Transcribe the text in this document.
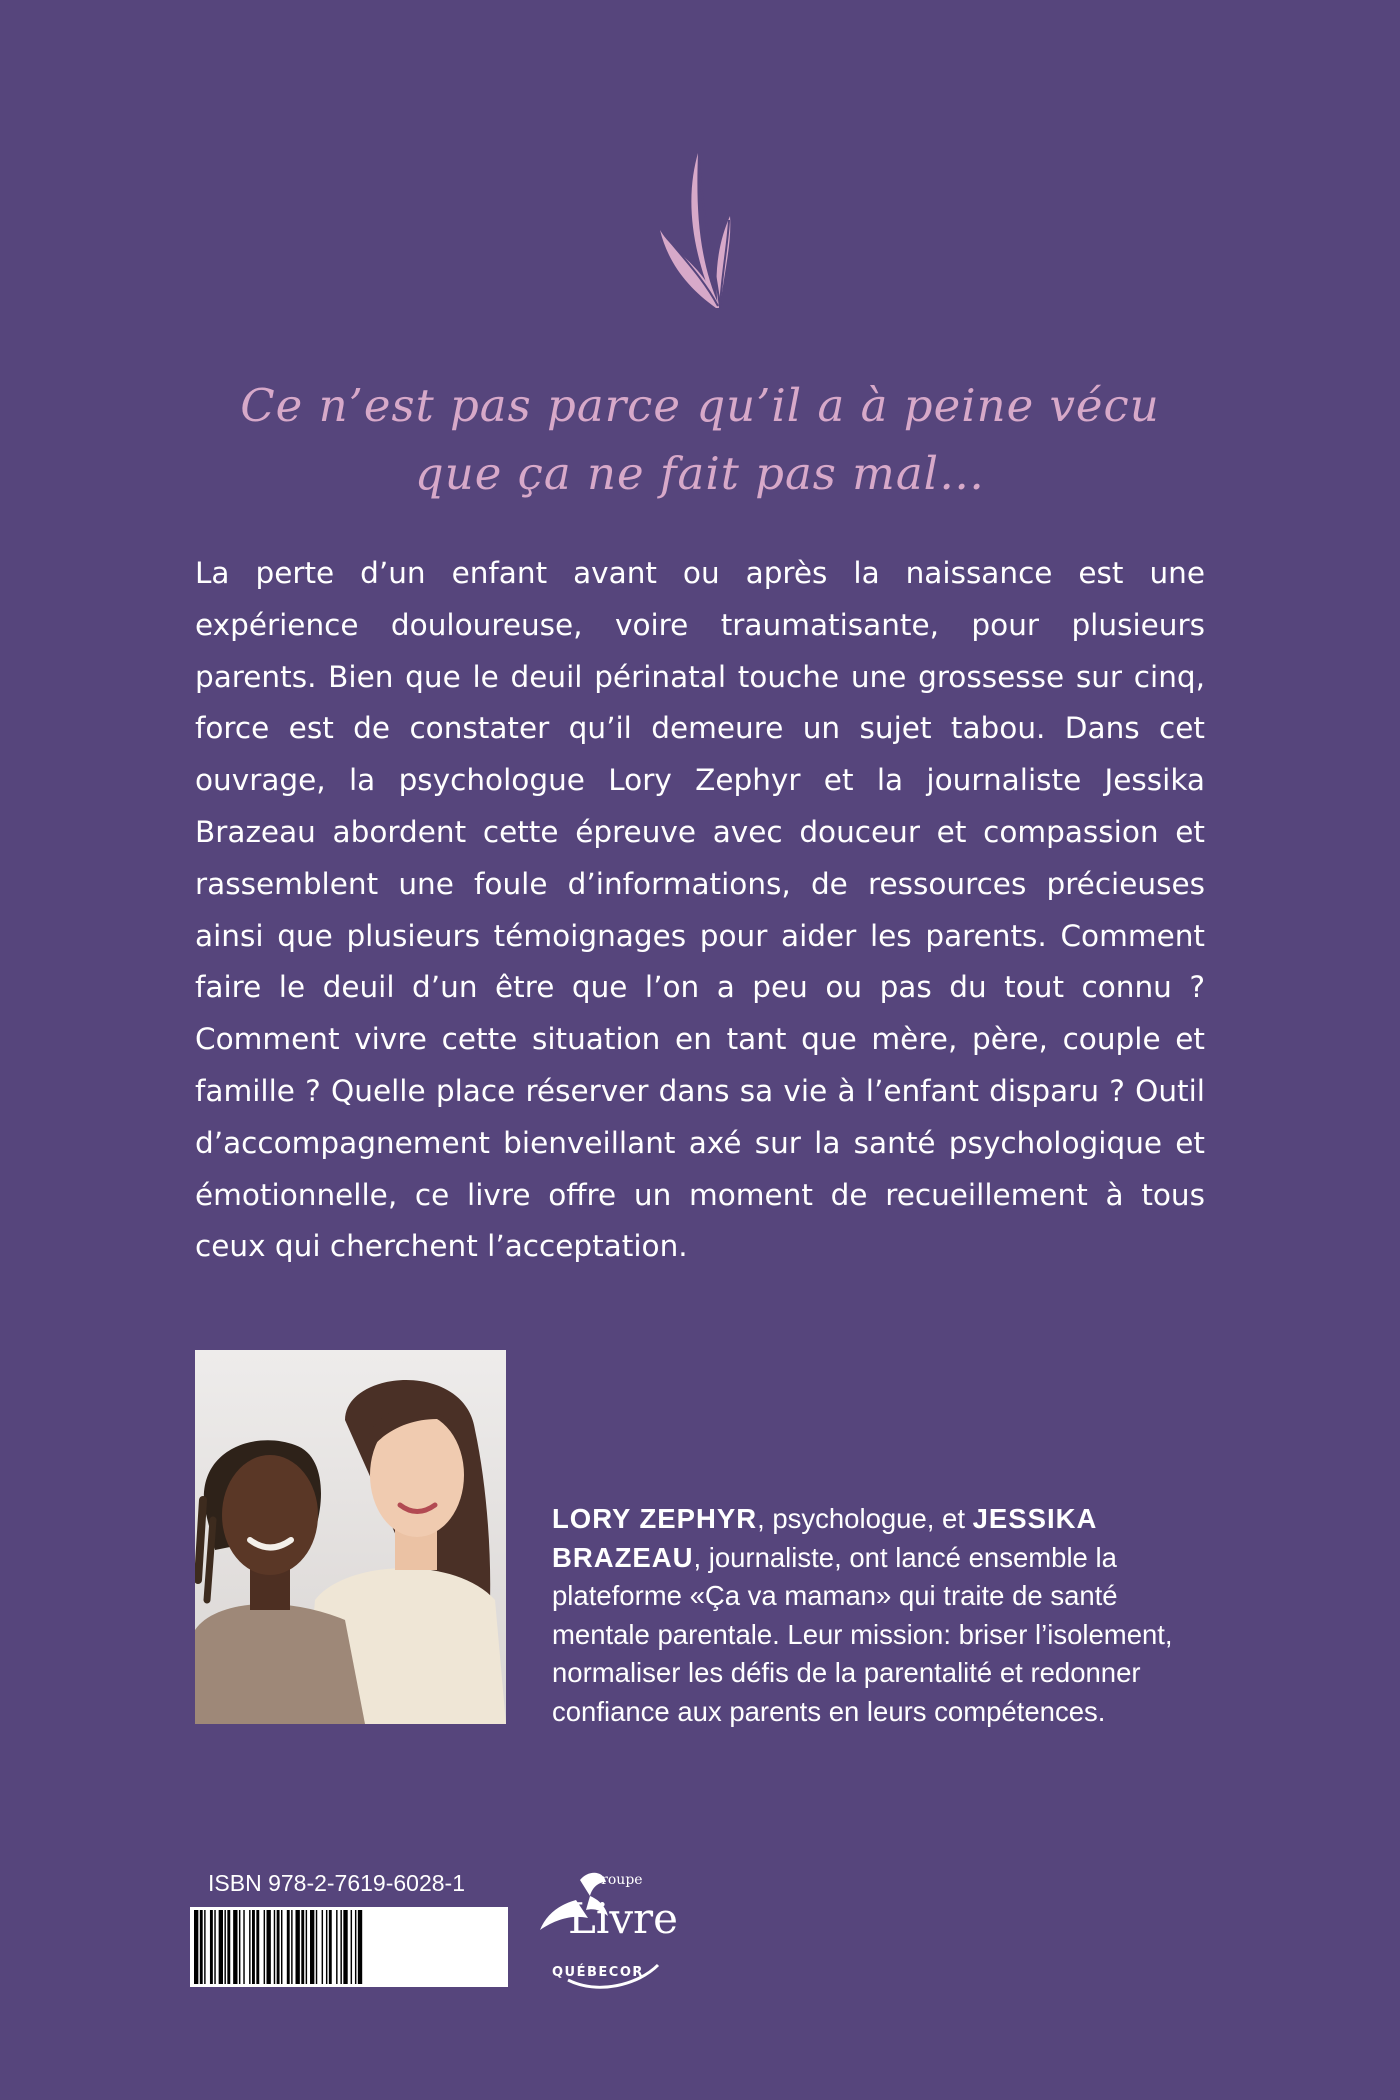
Ce n’est pas parce qu’il a à peine vécu
que ça ne fait pas mal…

La perte d’un enfant avant ou après la naissance est une expérience douloureuse, voire traumatisante, pour plusieurs parents. Bien que le deuil périnatal touche une grossesse sur cinq, force est de constater qu’il demeure un sujet tabou. Dans cet ouvrage, la psychologue Lory Zephyr et la journaliste Jessika Brazeau abordent cette épreuve avec douceur et compassion et rassemblent une foule d’informations, de ressources précieuses ainsi que plusieurs témoignages pour aider les parents. Comment faire le deuil d’un être que l’on a peu ou pas du tout connu ? Comment vivre cette situation en tant que mère, père, couple et famille ? Quelle place réserver dans sa vie à l’enfant disparu ? Outil d’accompagnement bienveillant axé sur la santé psychologique et émotionnelle, ce livre offre un moment de recueillement à tous ceux qui cherchent l’acceptation.

LORY ZEPHYR, psychologue, et JESSIKA BRAZEAU, journaliste, ont lancé ensemble la plateforme «Ça va maman» qui traite de santé mentale parentale. Leur mission: briser l’isolement, normaliser les défis de la parentalité et redonner confiance aux parents en leurs compétences.

ISBN 978-2-7619-6028-1	Groupe
Livre
QUÉBECOR
